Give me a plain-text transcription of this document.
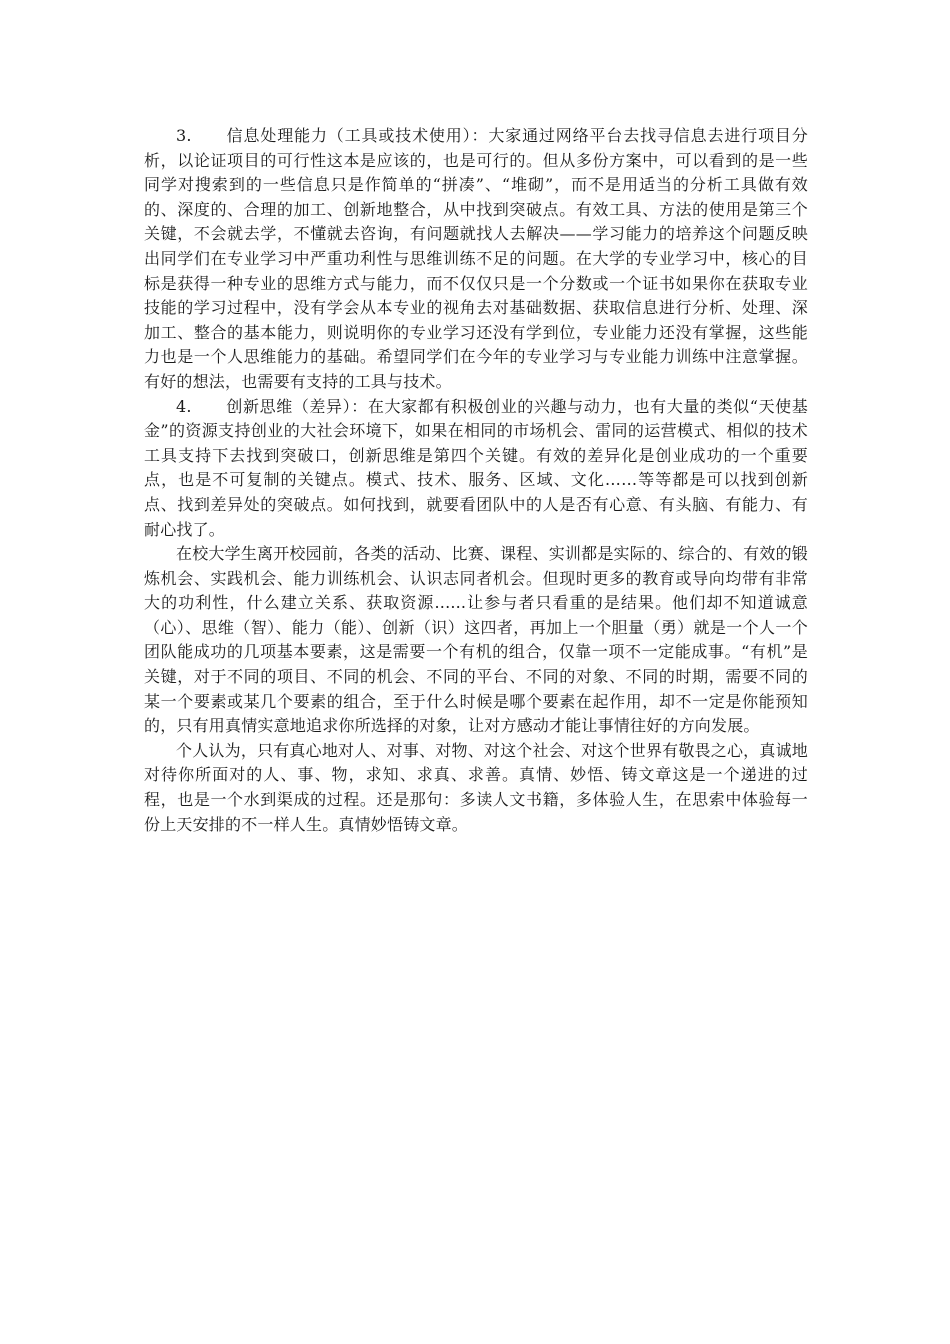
3. 信息处理能力（工具或技术使用）：大家通过网络平台去找寻信息去进行项目分析，以论证项目的可行性这本是应该的，也是可行的。但从多份方案中，可以看到的是一些同学对搜索到的一些信息只是作简单的“拼凑”、“堆砌”，而不是用适当的分析工具做有效的、深度的、合理的加工、创新地整合，从中找到突破点。有效工具、方法的使用是第三个关键，不会就去学，不懂就去咨询，有问题就找人去解决——学习能力的培养这个问题反映出同学们在专业学习中严重功利性与思维训练不足的问题。在大学的专业学习中，核心的目标是获得一种专业的思维方式与能力，而不仅仅只是一个分数或一个证书如果你在获取专业技能的学习过程中，没有学会从本专业的视角去对基础数据、获取信息进行分析、处理、深加工、整合的基本能力，则说明你的专业学习还没有学到位，专业能力还没有掌握，这些能力也是一个人思维能力的基础。希望同学们在今年的专业学习与专业能力训练中注意掌握。有好的想法，也需要有支持的工具与技术。

4. 创新思维（差异）：在大家都有积极创业的兴趣与动力，也有大量的类似“天使基金”的资源支持创业的大社会环境下，如果在相同的市场机会、雷同的运营模式、相似的技术工具支持下去找到突破口，创新思维是第四个关键。有效的差异化是创业成功的一个重要点，也是不可复制的关键点。模式、技术、服务、区域、文化……等等都是可以找到创新点、找到差异处的突破点。如何找到，就要看团队中的人是否有心意、有头脑、有能力、有耐心找了。

在校大学生离开校园前，各类的活动、比赛、课程、实训都是实际的、综合的、有效的锻炼机会、实践机会、能力训练机会、认识志同者机会。但现时更多的教育或导向均带有非常大的功利性，什么建立关系、获取资源......让参与者只看重的是结果。他们却不知道诚意（心）、思维（智）、能力（能）、创新（识）这四者，再加上一个胆量（勇）就是一个人一个团队能成功的几项基本要素，这是需要一个有机的组合，仅靠一项不一定能成事。“有机”是关键，对于不同的项目、不同的机会、不同的平台、不同的对象、不同的时期，需要不同的某一个要素或某几个要素的组合，至于什么时候是哪个要素在起作用，却不一定是你能预知的，只有用真情实意地追求你所选择的对象，让对方感动才能让事情往好的方向发展。

个人认为，只有真心地对人、对事、对物、对这个社会、对这个世界有敬畏之心，真诚地对待你所面对的人、事、物，求知、求真、求善。真情、妙悟、铸文章这是一个递进的过程，也是一个水到渠成的过程。还是那句：多读人文书籍，多体验人生，在思索中体验每一份上天安排的不一样人生。真情妙悟铸文章。
